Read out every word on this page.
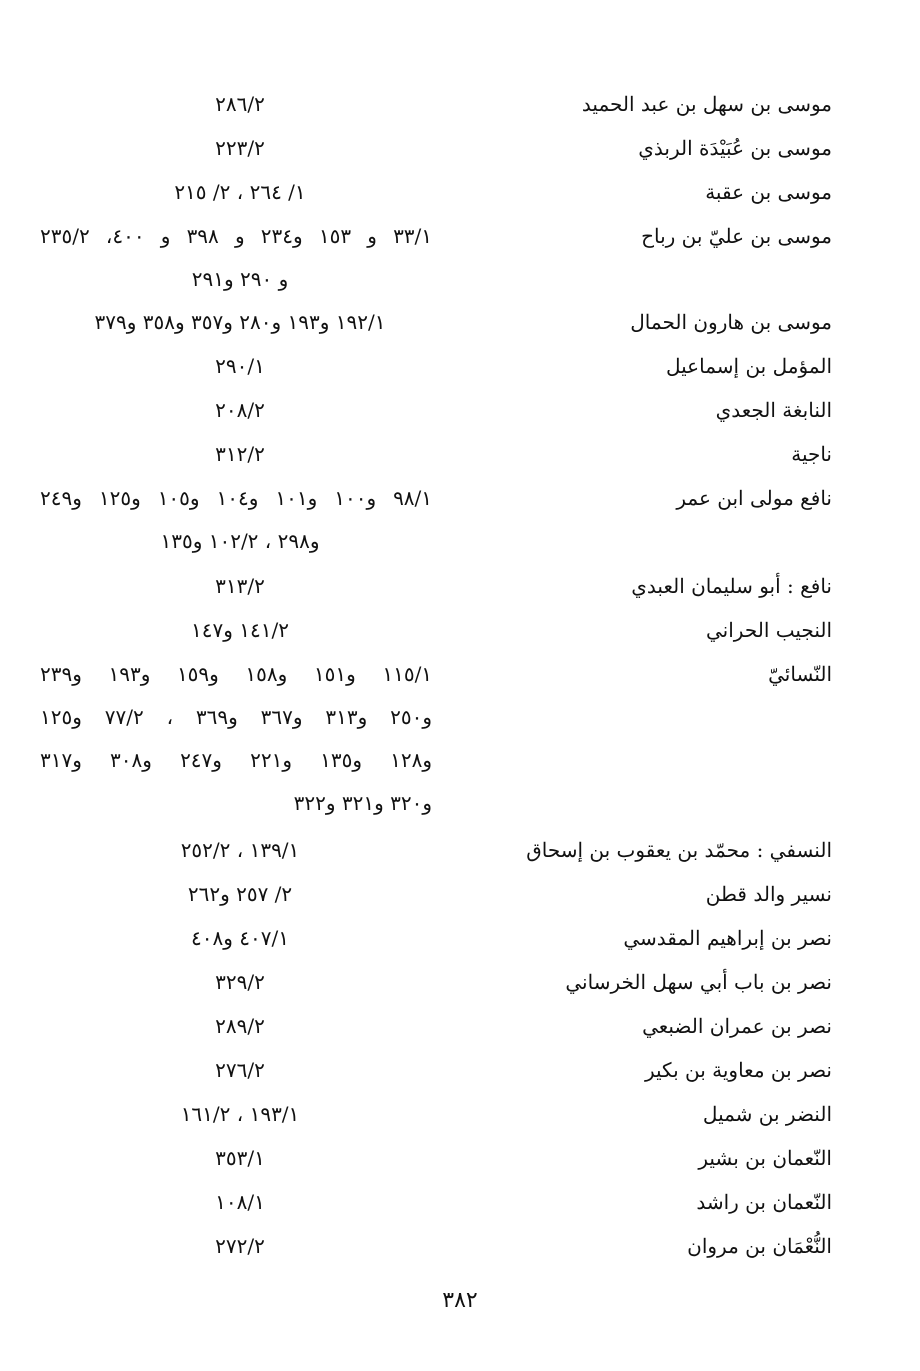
موسى بن سهل بن عبد الحميد
٢٨٦/٢
موسى بن عُبَيْدَة الربذي
٢٢٣/٢
موسى بن عقبة
١/ ٢٦٤ ، ٢/ ٢١٥
موسى بن عليّ بن رباح
٣٣/١ و ١٥٣ و٢٣٤ و ٣٩٨ و ٤٠٠، ٢٣٥/٢
و ٢٩٠ و٢٩١
موسى بن هارون الحمال
١٩٢/١ و١٩٣ و٢٨٠ و٣٥٧ و٣٥٨ و٣٧٩
المؤمل بن إسماعيل
٢٩٠/١
النابغة الجعدي
٢٠٨/٢
ناجية
٣١٢/٢
نافع مولى ابن عمر
٩٨/١ و١٠٠ و١٠١ و١٠٤ و١٠٥ و١٢٥ و٢٤٩
و٢٩٨ ، ١٠٢/٢ و١٣٥
نافع : أبو سليمان العبدي
٣١٣/٢
النجيب الحراني
١٤١/٢ و١٤٧
النّسائيّ
١١٥/١ و١٥١ و١٥٨ و١٥٩ و١٩٣ و٢٣٩
و٢٥٠ و٣١٣ و٣٦٧ و٣٦٩ ، ٧٧/٢ و١٢٥
و١٢٨ و١٣٥ و٢٢١ و٢٤٧ و٣٠٨ و٣١٧
و٣٢٠ و٣٢١ و٣٢٢
النسفي : محمّد بن يعقوب بن إسحاق
١٣٩/١ ، ٢٥٢/٢
نسير والد قطن
٢/ ٢٥٧ و٢٦٢
نصر بن إبراهيم المقدسي
٤٠٧/١ و٤٠٨
نصر بن باب أبي سهل الخرساني
٣٢٩/٢
نصر بن عمران الضبعي
٢٨٩/٢
نصر بن معاوية بن بكير
٢٧٦/٢
النضر بن شميل
١٩٣/١ ، ١٦١/٢
النّعمان بن بشير
٣٥٣/١
النّعمان بن راشد
١٠٨/١
النُّعْمَان بن مروان
٢٧٢/٢
٣٨٢
